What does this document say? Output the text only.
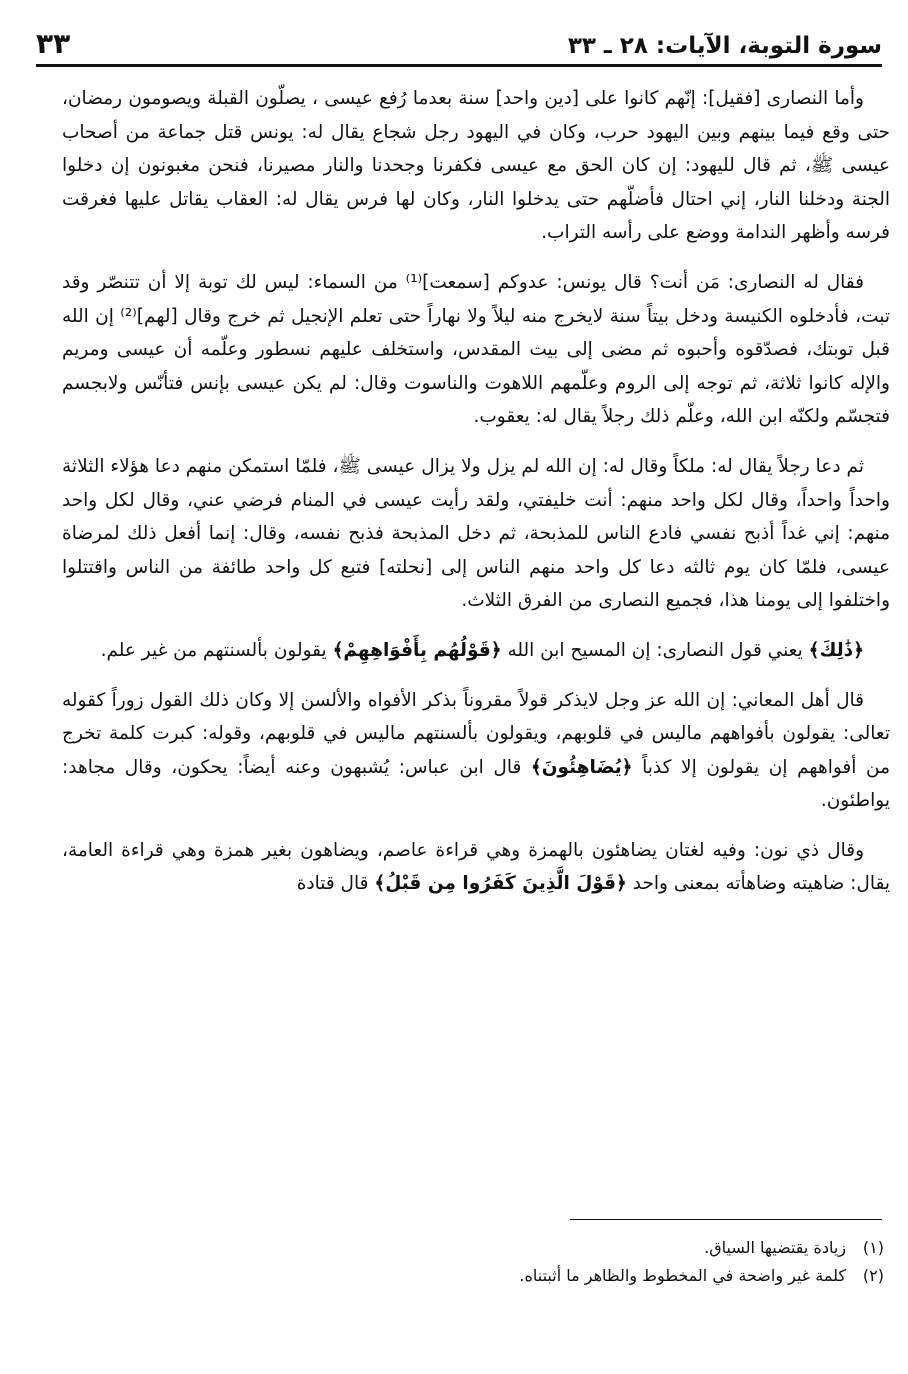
سورة التوبة، الآيات: ٢٨ ـ ٣٣
٣٣

وأما النصارى [فقيل]: إنّهم كانوا على [دين واحد] سنة بعدما رُفع عيسى ، يصلّون القبلة ويصومون رمضان، حتى وقع فيما بينهم وبين اليهود حرب، وكان في اليهود رجل شجاع يقال له: يونس قتل جماعة من أصحاب عيسى ﷺ، ثم قال لليهود: إن كان الحق مع عيسى فكفرنا وجحدنا والنار مصيرنا، فنحن مغبونون إن دخلوا الجنة ودخلنا النار، إني احتال فأضلّهم حتى يدخلوا النار، وكان لها فرس يقال له: العقاب يقاتل عليها فغرقت فرسه وأظهر الندامة ووضع على رأسه التراب.

فقال له النصارى: مَن أنت؟ قال يونس: عدوكم [سمعت]⁽¹⁾ من السماء: ليس لك توبة إلا أن تتنصّر وقد تبت، فأدخلوه الكنيسة ودخل بيتاً سنة لايخرج منه ليلاً ولا نهاراً حتى تعلم الإنجيل ثم خرج وقال [لهم]⁽²⁾ إن الله قبل توبتك، فصدّقوه وأحبوه ثم مضى إلى بيت المقدس، واستخلف عليهم نسطور وعلّمه أن عيسى ومريم والإله كانوا ثلاثة، ثم توجه إلى الروم وعلّمهم اللاهوت والناسوت وقال: لم يكن عيسى بإنس فتأنّس ولابجسم فتجسّم ولكنّه ابن الله، وعلّم ذلك رجلاً يقال له: يعقوب.

ثم دعا رجلاً يقال له: ملكاً وقال له: إن الله لم يزل ولا يزال عيسى ﷺ، فلمّا استمكن منهم دعا هؤلاء الثلاثة واحداً واحداً، وقال لكل واحد منهم: أنت خليفتي، ولقد رأيت عيسى في المنام فرضي عني، وقال لكل واحد منهم: إني غداً أذبح نفسي فادع الناس للمذبحة، ثم دخل المذبحة فذبح نفسه، وقال: إنما أفعل ذلك لمرضاة عيسى، فلمّا كان يوم ثالثه دعا كل واحد منهم الناس إلى [نحلته] فتبع كل واحد طائفة من الناس واقتتلوا واختلفوا إلى يومنا هذا، فجميع النصارى من الفرق الثلاث.

﴿ذَٰلِكَ﴾ يعني قول النصارى: إن المسيح ابن الله ﴿قَوْلُهُم بِأَفْوَاهِهِمْ﴾ يقولون بألسنتهم من غير علم.

قال أهل المعاني: إن الله عز وجل لايذكر قولاً مقروناً بذكر الأفواه والألسن إلا وكان ذلك القول زوراً كقوله تعالى: يقولون بأفواههم ماليس في قلوبهم، ويقولون بألسنتهم ماليس في قلوبهم، وقوله: كبرت كلمة تخرج من أفواههم إن يقولون إلا كذباً ﴿يُضَاهِئُونَ﴾ قال ابن عباس: يُشبهون وعنه أيضاً: يحكون، وقال مجاهد: يواطئون.

وقال ذي نون: وفيه لغتان يضاهئون بالهمزة وهي قراءة عاصم، ويضاهون بغير همزة وهي قراءة العامة، يقال: ضاهيته وضاهأته بمعنى واحد ﴿قَوْلَ الَّذِينَ كَفَرُوا مِن قَبْلُ﴾ قال قتادة

(١)
زيادة يقتضيها السياق.
(٢)
كلمة غير واضحة في المخطوط والظاهر ما أثبتناه.
